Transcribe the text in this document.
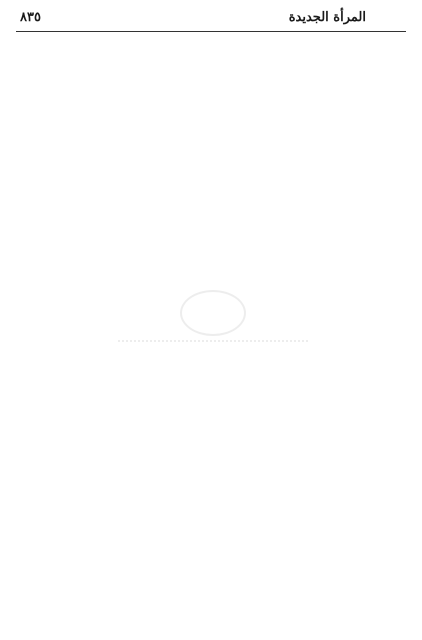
المرأة الجديدة
٨٣٥
